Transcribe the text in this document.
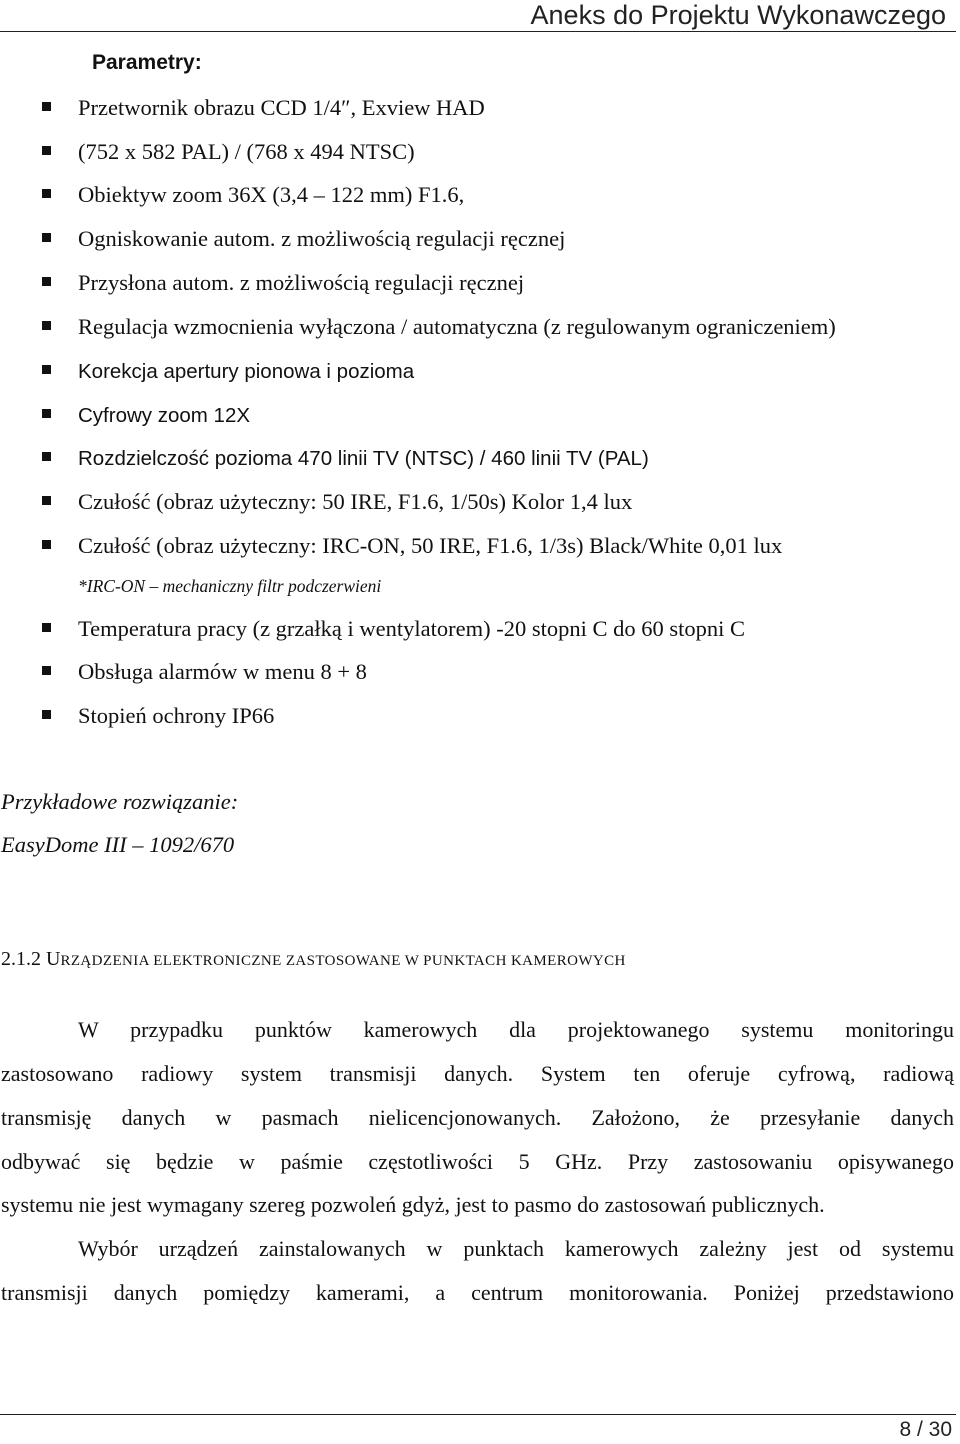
Aneks do Projektu Wykonawczego
Parametry:
Przetwornik obrazu CCD 1/4″, Exview HAD
(752 x 582 PAL) / (768 x 494 NTSC)
Obiektyw zoom 36X (3,4 – 122 mm) F1.6,
Ogniskowanie autom. z możliwością regulacji ręcznej
Przysłona autom. z możliwością regulacji ręcznej
Regulacja wzmocnienia wyłączona / automatyczna (z regulowanym ograniczeniem)
Korekcja apertury pionowa i pozioma
Cyfrowy zoom 12X
Rozdzielczość pozioma 470 linii TV (NTSC) / 460 linii TV (PAL)
Czułość (obraz użyteczny: 50 IRE, F1.6, 1/50s) Kolor 1,4 lux
Czułość (obraz użyteczny: IRC-ON, 50 IRE, F1.6, 1/3s) Black/White 0,01 lux
Temperatura pracy (z grzałką i wentylatorem) -20 stopni C do 60 stopni C
Obsługa alarmów w menu 8 + 8
Stopień ochrony IP66
*IRC-ON – mechaniczny filtr podczerwieni
Przykładowe rozwiązanie:
EasyDome III – 1092/670
2.1.2 URZĄDZENIA ELEKTRONICZNE ZASTOSOWANE W PUNKTACH KAMEROWYCH
W przypadku punktów kamerowych dla projektowanego systemu monitoringu
zastosowano radiowy system transmisji danych. System ten oferuje cyfrową, radiową
transmisję danych w pasmach nielicencjonowanych. Założono, że przesyłanie danych
odbywać się będzie w paśmie częstotliwości 5 GHz. Przy zastosowaniu opisywanego
systemu nie jest wymagany szereg pozwoleń gdyż, jest to pasmo do zastosowań publicznych.
Wybór urządzeń zainstalowanych w punktach kamerowych zależny jest od systemu
transmisji danych pomiędzy kamerami, a centrum monitorowania. Poniżej przedstawiono
8 / 30
